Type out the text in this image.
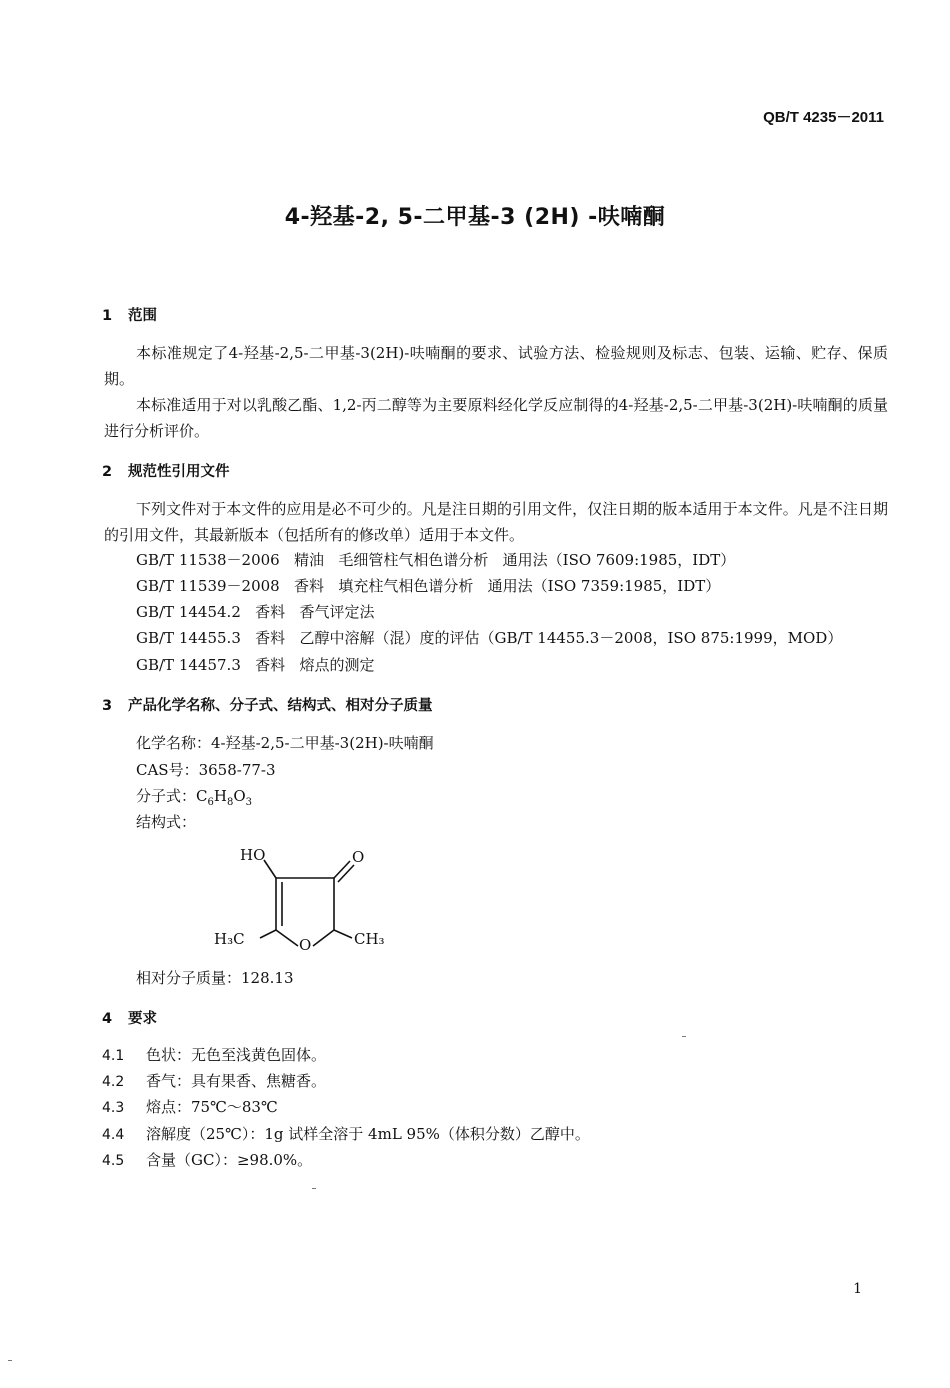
QB/T 4235－2011
4-羟基-2, 5-二甲基-3 (2H) -呋喃酮
1 范围
本标准规定了4-羟基-2,5-二甲基-3(2H)-呋喃酮的要求、试验方法、检验规则及标志、包装、运输、贮存、保质期。
本标准适用于对以乳酸乙酯、1,2-丙二醇等为主要原料经化学反应制得的4-羟基-2,5-二甲基-3(2H)-呋喃酮的质量进行分析评价。
2 规范性引用文件
下列文件对于本文件的应用是必不可少的。凡是注日期的引用文件，仅注日期的版本适用于本文件。凡是不注日期的引用文件，其最新版本（包括所有的修改单）适用于本文件。
GB/T 11538－2006   精油   毛细管柱气相色谱分析   通用法（ISO 7609:1985，IDT）
GB/T 11539－2008   香料   填充柱气相色谱分析   通用法（ISO 7359:1985，IDT）
GB/T 14454.2   香料   香气评定法
GB/T 14455.3   香料   乙醇中溶解（混）度的评估（GB/T 14455.3－2008，ISO 875:1999，MOD）
GB/T 14457.3   香料   熔点的测定
3 产品化学名称、分子式、结构式、相对分子质量
化学名称：4-羟基-2,5-二甲基-3(2H)-呋喃酮
CAS号：3658-77-3
分子式：$C_6H_8O_3$
结构式：
HO	O
H₃C	O	CH₃
相对分子质量：128.13
4 要求
4.1 色状：无色至浅黄色固体。
4.2 香气：具有果香、焦糖香。
4.3 熔点：75℃～83℃
4.4 溶解度（25℃）：1g 试样全溶于 4mL 95%（体积分数）乙醇中。
4.5 含量（GC）：≥98.0%。
1
